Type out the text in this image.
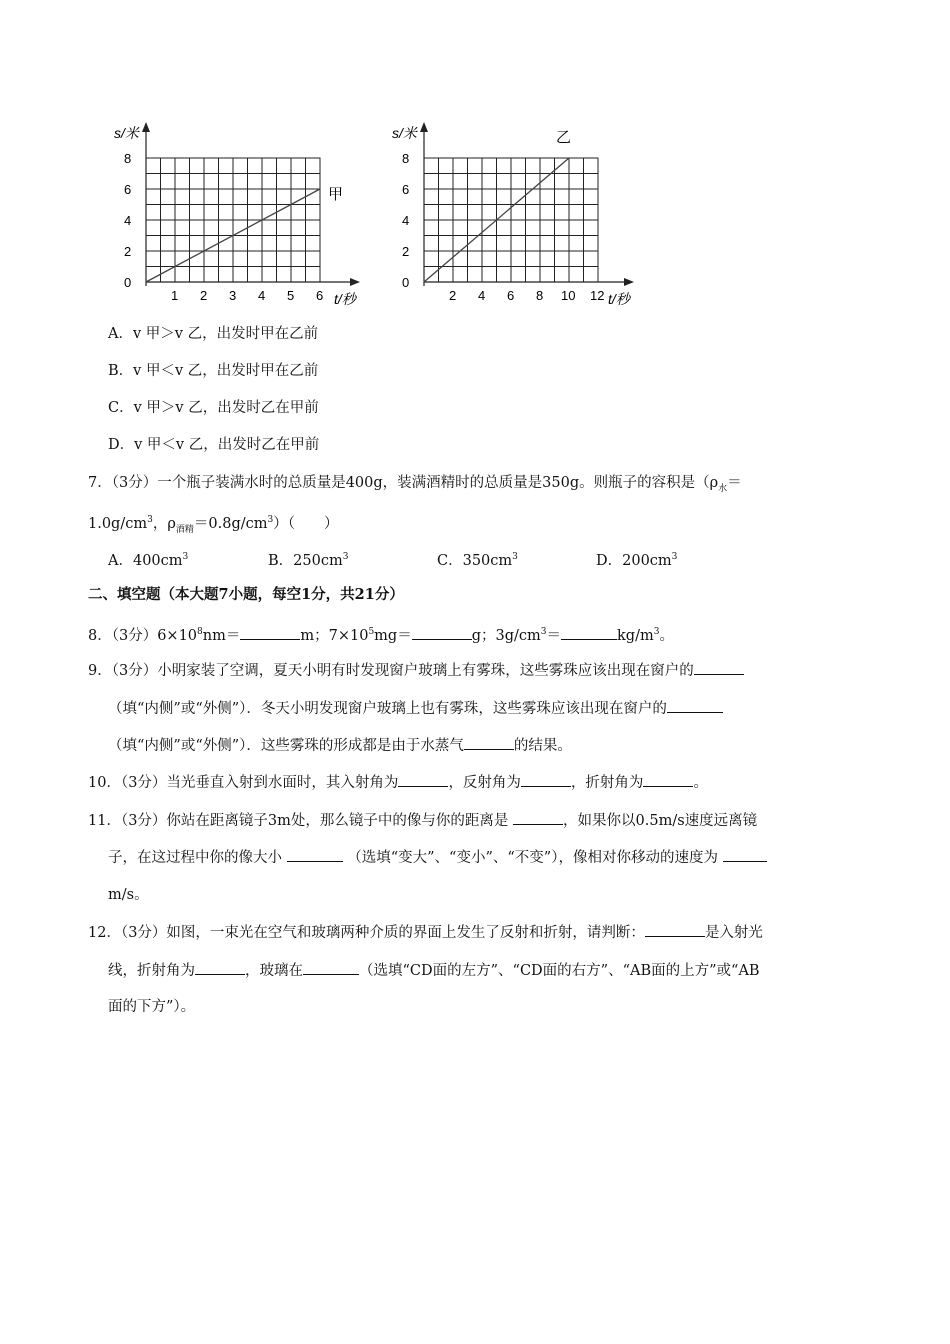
s/米
甲
t/秒
8
6
4
2
0
1 2 3 4 5 6
s/米	乙
t/秒
8
6
4
2
0
2 4 6 8 10 12
A．v 甲＞v 乙，出发时甲在乙前
B．v 甲＜v 乙，出发时甲在乙前
C．v 甲＞v 乙，出发时乙在甲前
D．v 甲＜v 乙，出发时乙在甲前
7．（3分）一个瓶子装满水时的总质量是400g，装满酒精时的总质量是350g。则瓶子的容积是（$\rho_水=$
$1.0g/cm^3$，$\rho_{酒精}=0.8g/cm^3$）（　　）
A．$400cm^3$	B．$250cm^3$	C．$350cm^3$	D．$200cm^3$
二、填空题（本大题7小题，每空1分，共21分）
8．（3分）$6\times 10^8nm=$	m；$7\times 10^5mg=$	g；$3g/cm^3=$	$kg/m^3$。
9．（3分）小明家装了空调，夏天小明有时发现窗户玻璃上有雾珠，这些雾珠应该出现在窗户的
（填“内侧”或“外侧”）．冬天小明发现窗户玻璃上也有雾珠，这些雾珠应该出现在窗户的
（填“内侧”或“外侧”）．这些雾珠的形成都是由于水蒸气	的结果。
10．（3分）当光垂直入射到水面时，其入射角为	，反射角为	，折射角为	。
11．（3分）你站在距离镜子3m处，那么镜子中的像与你的距离是	，如果你以0.5m/s速度远离镜
子，在这过程中你的像大小	（选填“变大”、“变小”、“不变”），像相对你移动的速度为
m/s。
12．（3分）如图，一束光在空气和玻璃两种介质的界面上发生了反射和折射，请判断：	是入射光
线，折射角为	，玻璃在	（选填“CD面的左方”、“CD面的右方”、“AB面的上方”或“AB
面的下方”）。
